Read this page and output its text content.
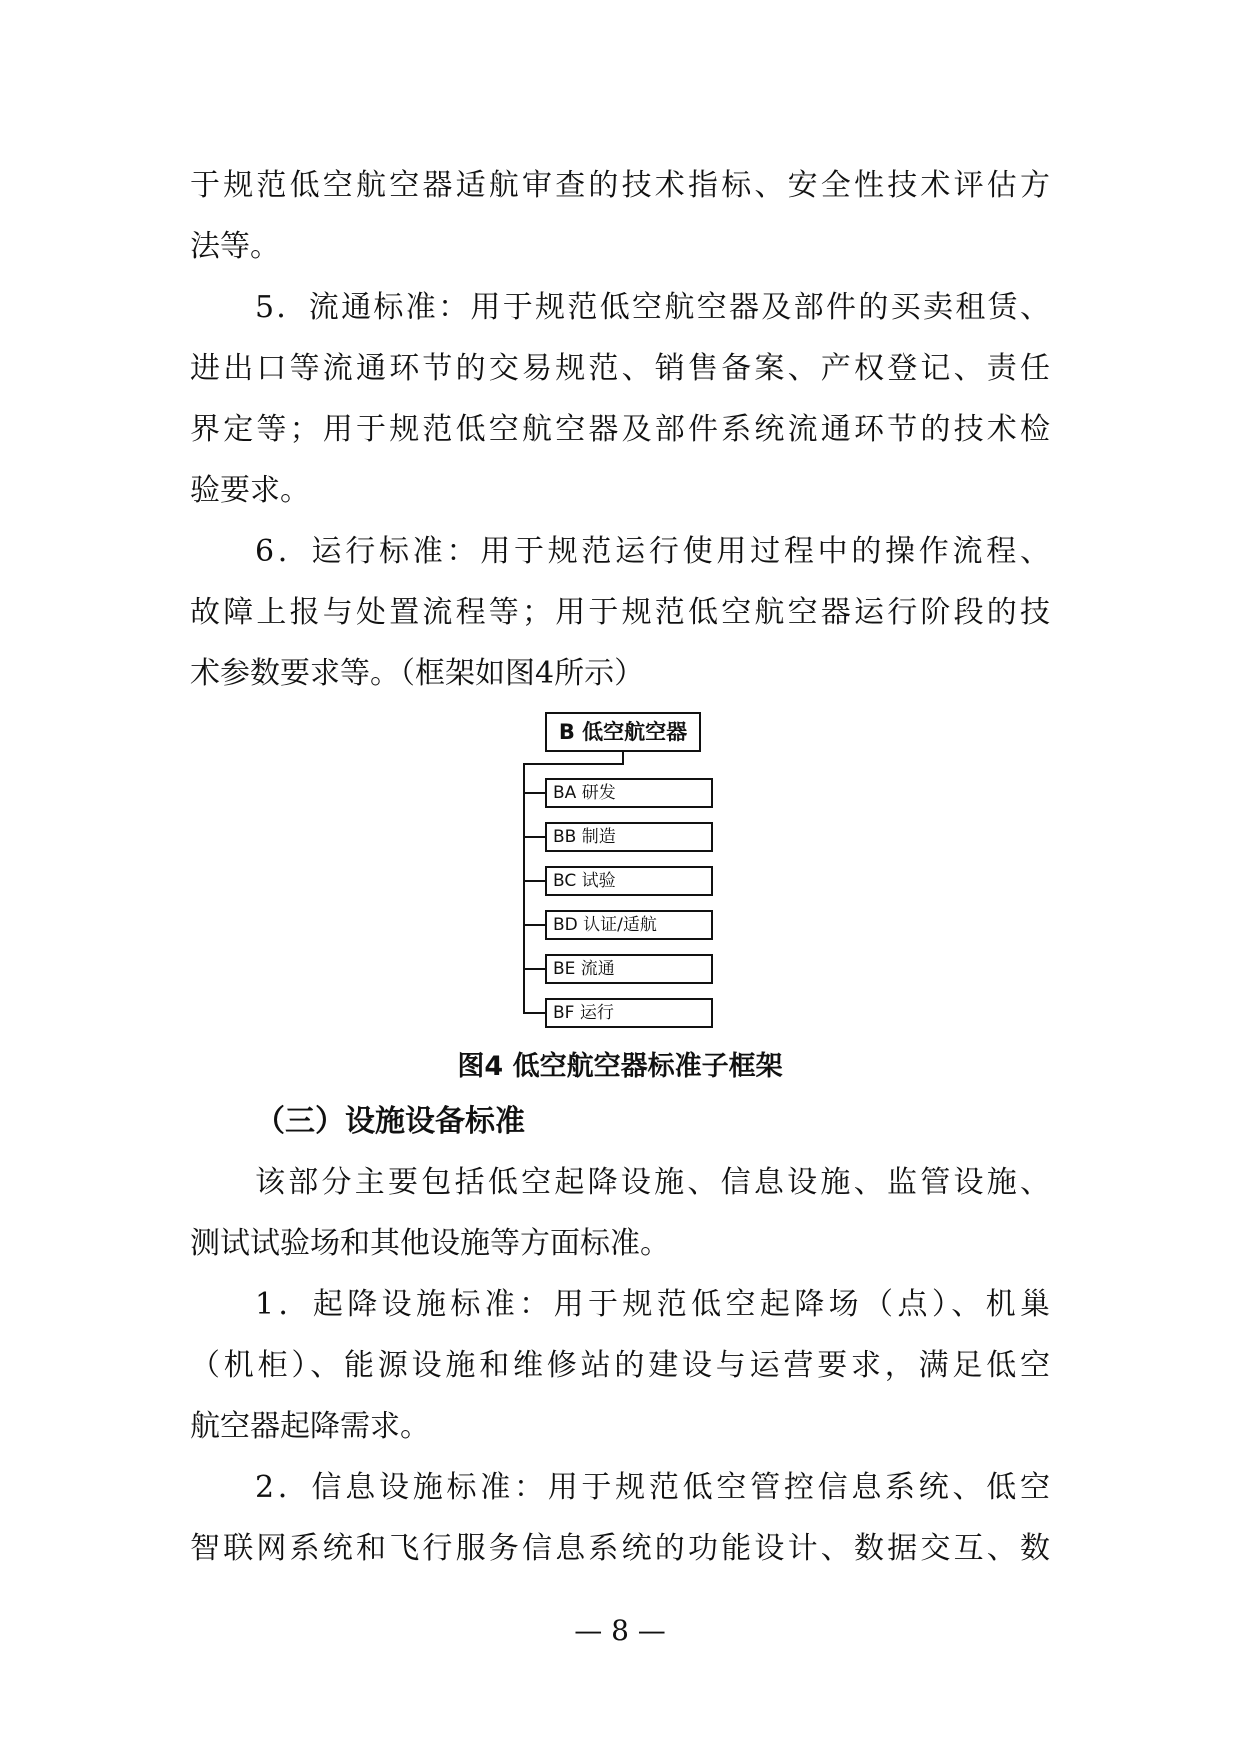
于规范低空航空器适航审查的技术指标、安全性技术评估方
法等。
5．流通标准：用于规范低空航空器及部件的买卖租赁、
进出口等流通环节的交易规范、销售备案、产权登记、责任
界定等；用于规范低空航空器及部件系统流通环节的技术检
验要求。
6．运行标准：用于规范运行使用过程中的操作流程、
故障上报与处置流程等；用于规范低空航空器运行阶段的技
术参数要求等。（框架如图4所示）
B 低空航空器
BA 研发
BB 制造
BC 试验
BD 认证/适航
BE 流通
BF 运行
图4 低空航空器标准子框架
（三）设施设备标准
该部分主要包括低空起降设施、信息设施、监管设施、
测试试验场和其他设施等方面标准。
1．起降设施标准：用于规范低空起降场（点）、机巢
（机柜）、能源设施和维修站的建设与运营要求，满足低空
航空器起降需求。
2．信息设施标准：用于规范低空管控信息系统、低空
智联网系统和飞行服务信息系统的功能设计、数据交互、数
— 8 —
